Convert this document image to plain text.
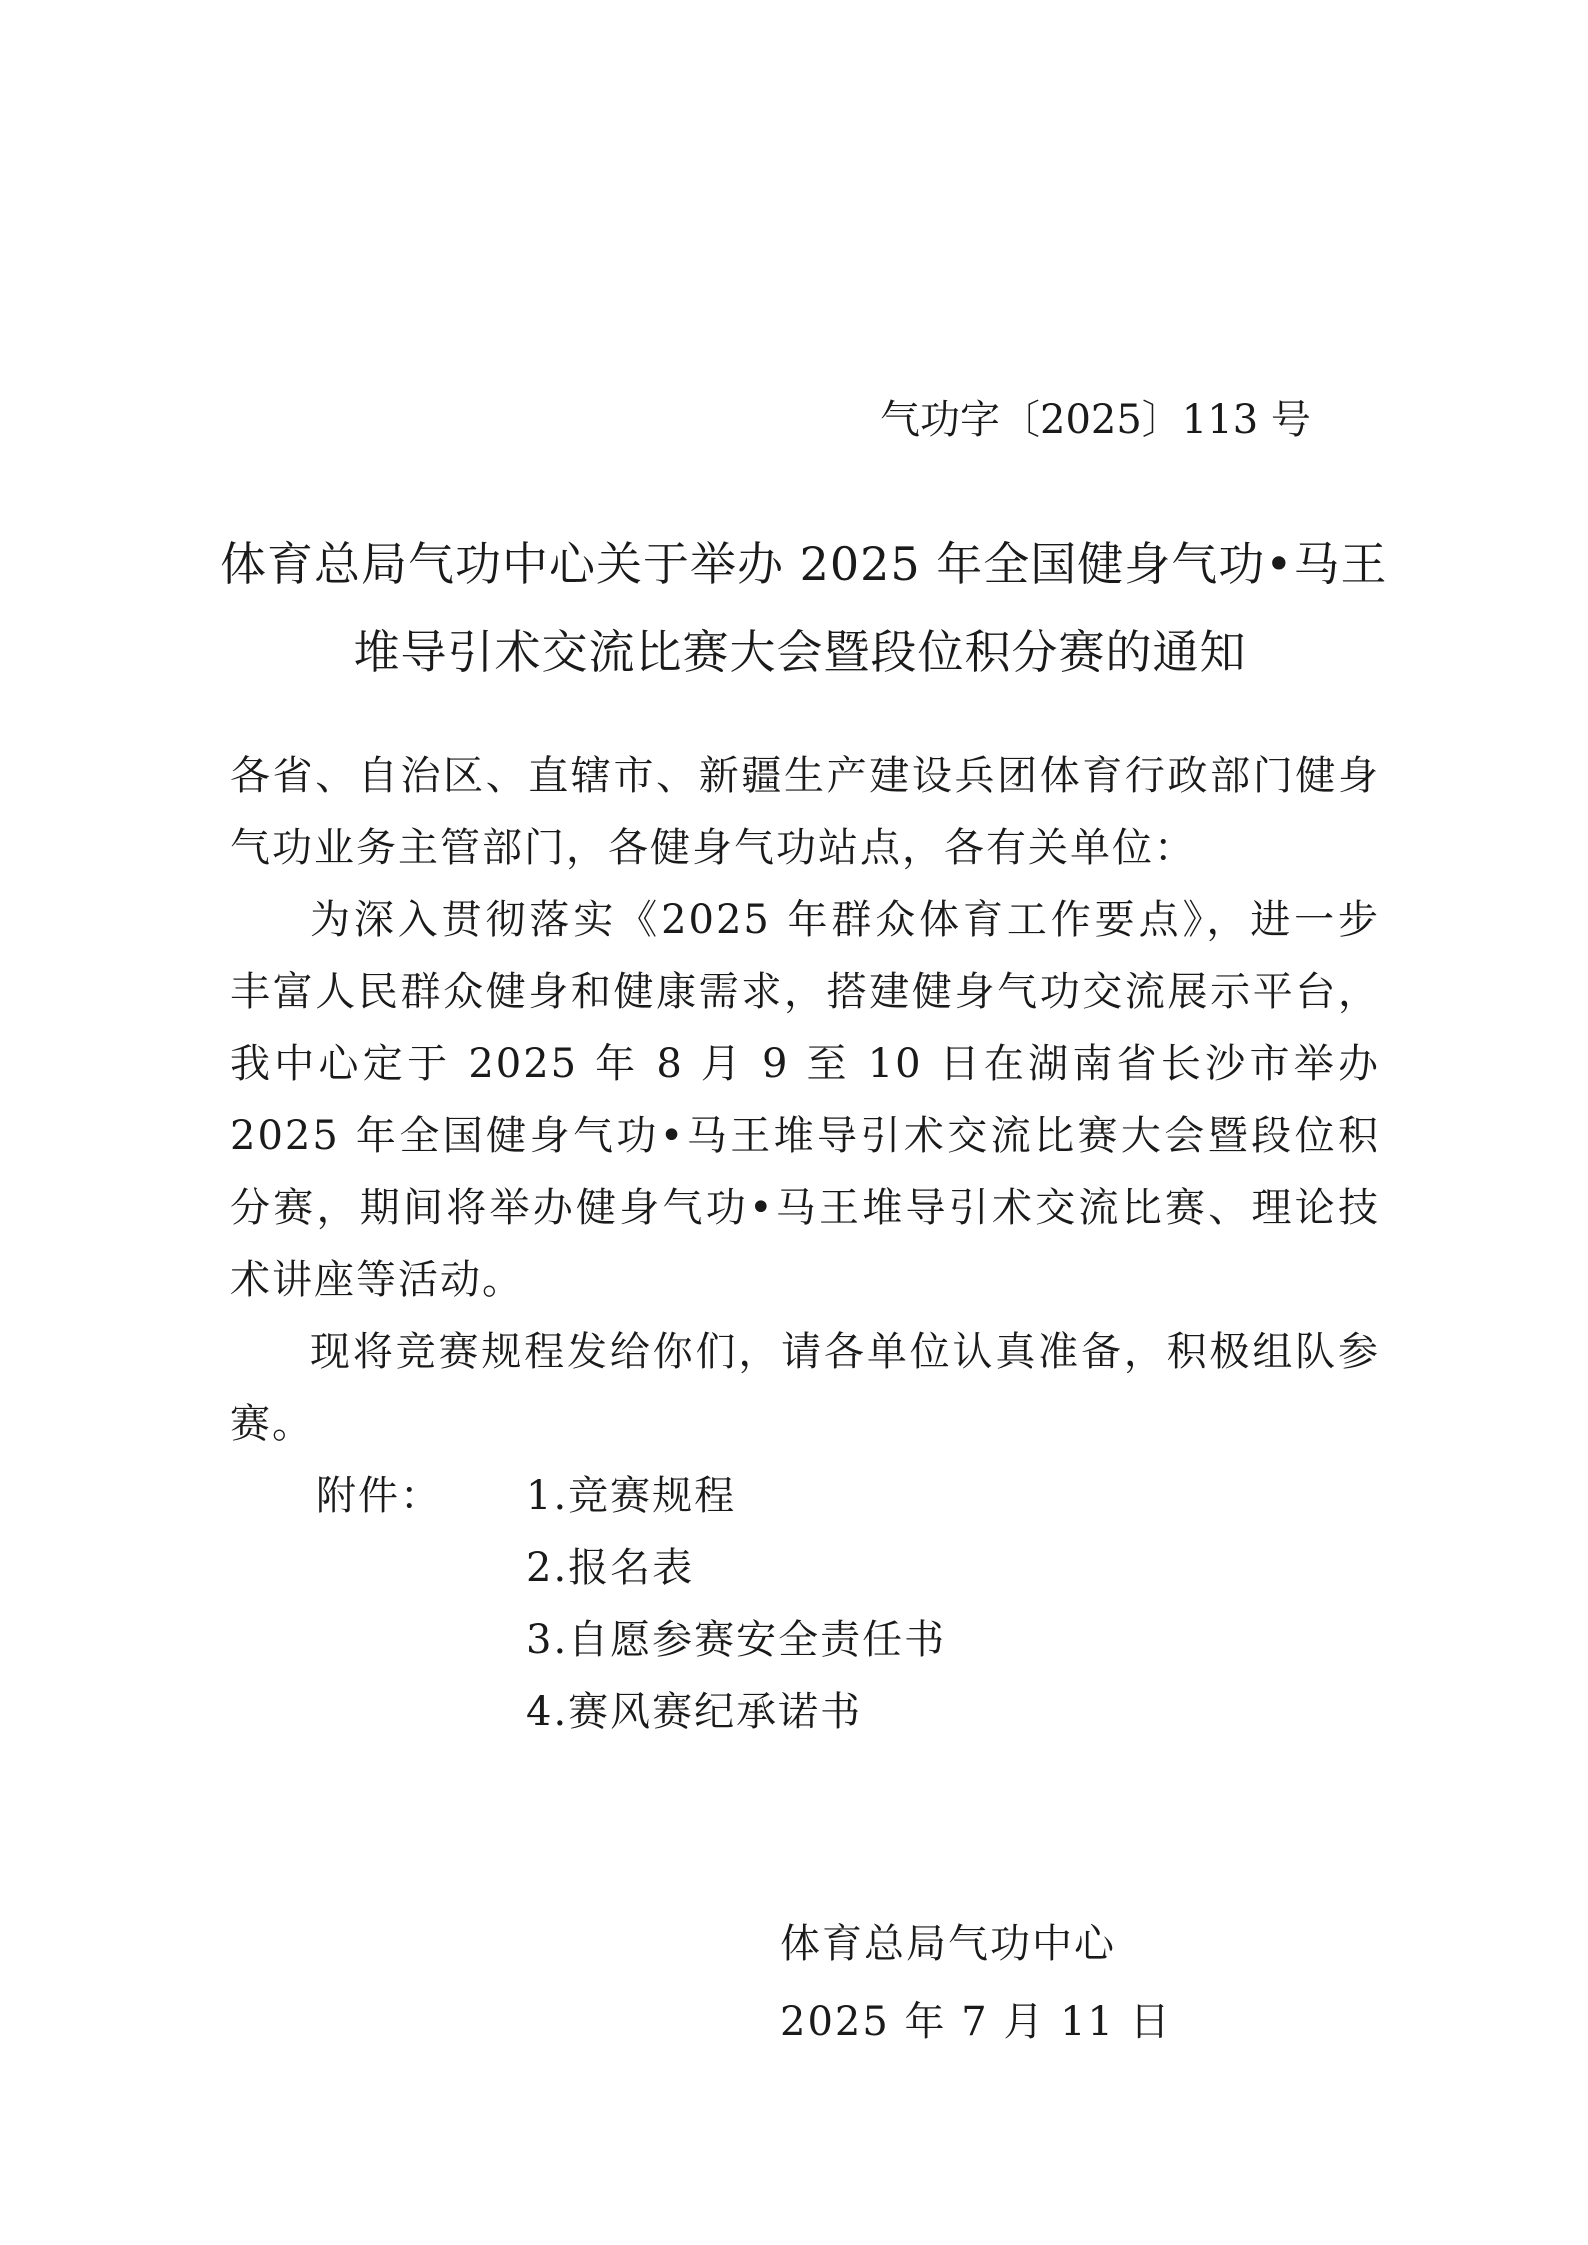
气功字〔2025〕113 号
体育总局气功中心关于举办 2025 年全国健身气功•马王
堆导引术交流比赛大会暨段位积分赛的通知

各省、自治区、直辖市、新疆生产建设兵团体育行政部门健身气功业务主管部门，各健身气功站点，各有关单位：

为深入贯彻落实《2025 年群众体育工作要点》，进一步丰富人民群众健身和健康需求，搭建健身气功交流展示平台，我中心定于 2025 年 8 月 9 至 10 日在湖南省长沙市举办 2025 年全国健身气功•马王堆导引术交流比赛大会暨段位积分赛，期间将举办健身气功•马王堆导引术交流比赛、理论技术讲座等活动。

现将竞赛规程发给你们，请各单位认真准备，积极组队参赛。

附件：	1.竞赛规程
2.报名表
3.自愿参赛安全责任书
4.赛风赛纪承诺书
体育总局气功中心
2025 年 7 月 11 日
